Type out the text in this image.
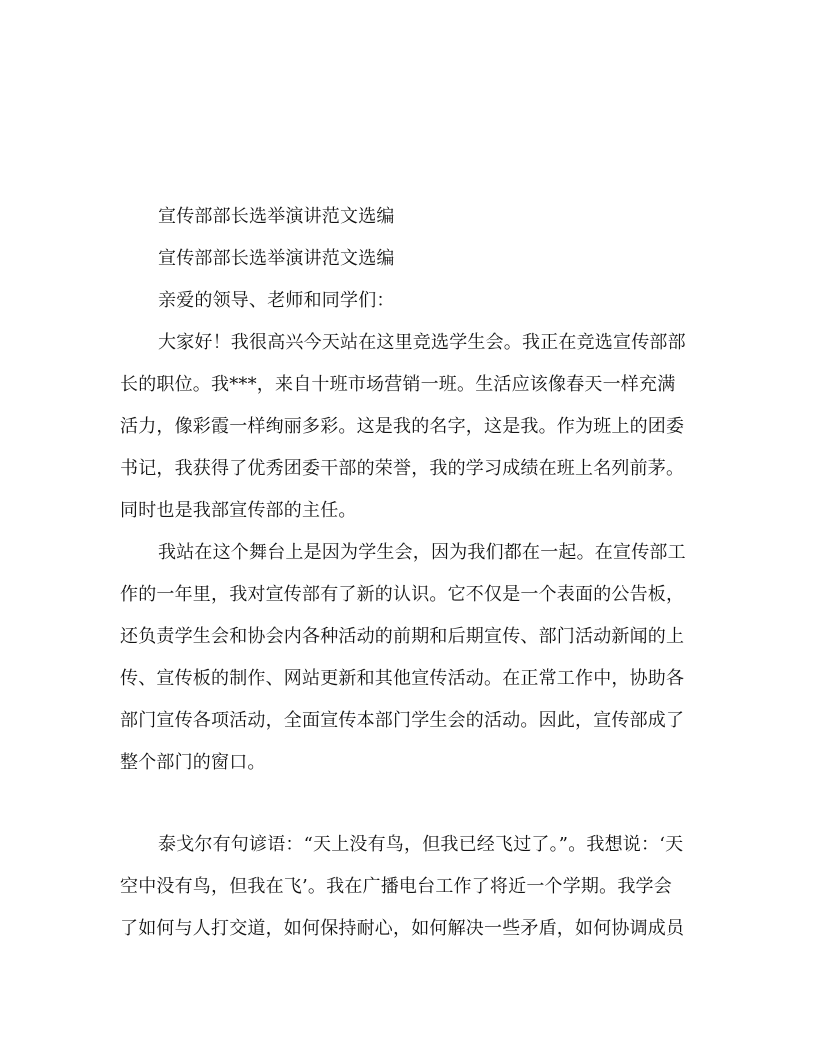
宣传部部长选举演讲范文选编
宣传部部长选举演讲范文选编
亲爱的领导、老师和同学们：
大家好！我很高兴今天站在这里竞选学生会。我正在竞选宣传部部
长的职位。我***，来自十班市场营销一班。生活应该像春天一样充满
活力，像彩霞一样绚丽多彩。这是我的名字，这是我。作为班上的团委
书记，我获得了优秀团委干部的荣誉，我的学习成绩在班上名列前茅。
同时也是我部宣传部的主任。
我站在这个舞台上是因为学生会，因为我们都在一起。在宣传部工
作的一年里，我对宣传部有了新的认识。它不仅是一个表面的公告板，
还负责学生会和协会内各种活动的前期和后期宣传、部门活动新闻的上
传、宣传板的制作、网站更新和其他宣传活动。在正常工作中，协助各
部门宣传各项活动，全面宣传本部门学生会的活动。因此，宣传部成了
整个部门的窗口。
泰戈尔有句谚语：“天上没有鸟，但我已经飞过了。”。我想说：‘天
空中没有鸟，但我在飞’。我在广播电台工作了将近一个学期。我学会
了如何与人打交道，如何保持耐心，如何解决一些矛盾，如何协调成员
